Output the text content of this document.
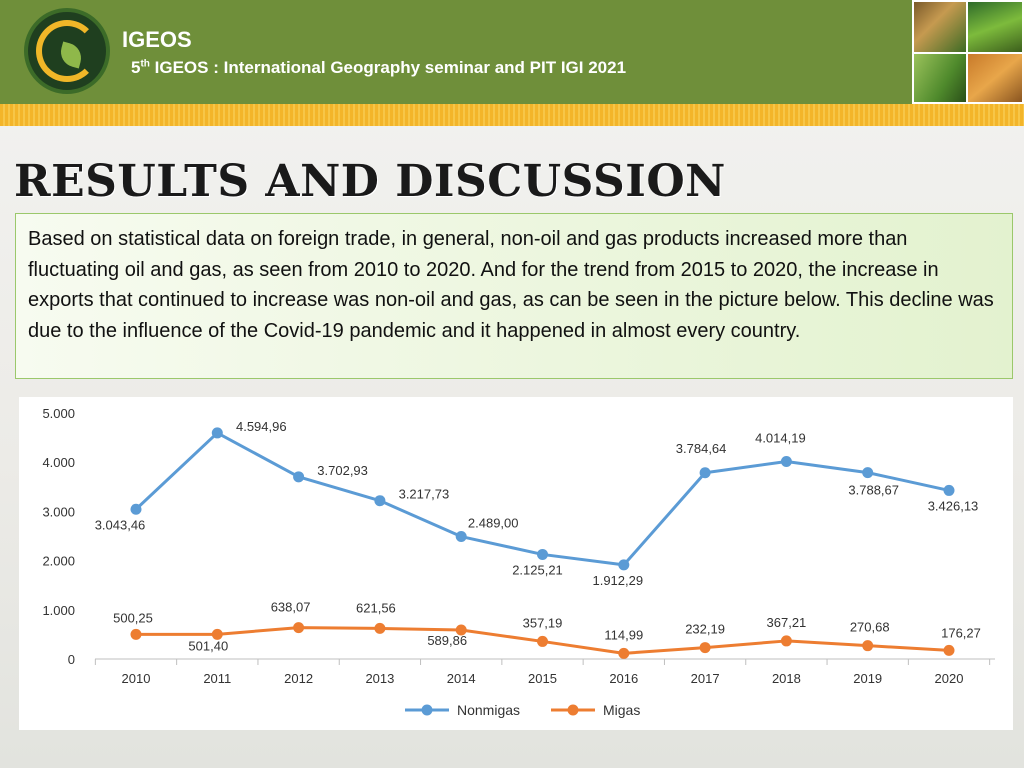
IGEOS
5th IGEOS : International Geography seminar and PIT IGI 2021
RESULTS AND DISCUSSION
Based on statistical data on foreign trade, in general, non-oil and gas products increased more than fluctuating oil and gas, as seen from 2010 to 2020. And for the trend from 2015 to 2020, the increase in exports that continued to increase was non-oil and gas, as can be seen in the picture below. This decline was due to the influence of the Covid-19 pandemic and it happened in almost every country.
0
1.000
2.000
3.000
4.000
5.000
2010	2011	2012	2013	2014	2015	2016	2017	2018	2019	2020
3.043,46
4.594,96
3.702,93
3.217,73
2.489,00
2.125,21
1.912,29
3.784,64
4.014,19
3.788,67
3.426,13
500,25
501,40
638,07	621,56
589,86
357,19
114,99	232,19	367,21	270,68	176,27
Nonmigas	Migas
